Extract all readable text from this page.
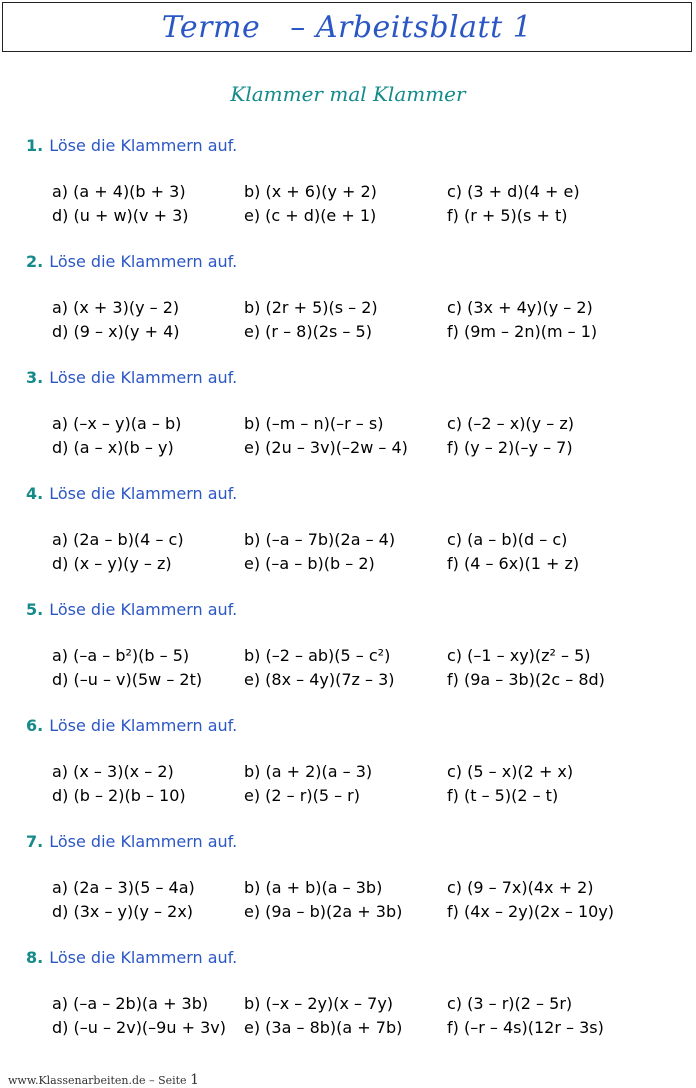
Terme   – Arbeitsblatt 1
Klammer mal Klammer
1. Löse die Klammern auf.
a) (a + 4)(b + 3)	b) (x + 6)(y + 2)	c) (3 + d)(4 + e)
d) (u + w)(v + 3)	e) (c + d)(e + 1)	f) (r + 5)(s + t)
2. Löse die Klammern auf.
a) (x + 3)(y – 2)	b) (2r + 5)(s – 2)	c) (3x + 4y)(y – 2)
d) (9 – x)(y + 4)	e) (r – 8)(2s – 5)	f) (9m – 2n)(m – 1)
3. Löse die Klammern auf.
a) (–x – y)(a – b)	b) (–m – n)(–r – s)	c) (–2 – x)(y – z)
d) (a – x)(b – y)	e) (2u – 3v)(–2w – 4) f) (y – 2)(–y – 7)
4. Löse die Klammern auf.
a) (2a – b)(4 – c)	b) (–a – 7b)(2a – 4)	c) (a – b)(d – c)
d) (x – y)(y – z)	e) (–a – b)(b – 2)	f) (4 – 6x)(1 + z)
5. Löse die Klammern auf.
a) (–a – b²)(b – 5)	b) (–2 – ab)(5 – c²)	c) (–1 – xy)(z² – 5)
d) (–u – v)(5w – 2t)	e) (8x – 4y)(7z – 3)	f) (9a – 3b)(2c – 8d)
6. Löse die Klammern auf.
a) (x – 3)(x – 2)	b) (a + 2)(a – 3)	c) (5 – x)(2 + x)
d) (b – 2)(b – 10)	e) (2 – r)(5 – r)	f) (t – 5)(2 – t)
7. Löse die Klammern auf.
a) (2a – 3)(5 – 4a)	b) (a + b)(a – 3b)	c) (9 – 7x)(4x + 2)
d) (3x – y)(y – 2x)	e) (9a – b)(2a + 3b)	f) (4x – 2y)(2x – 10y)
8. Löse die Klammern auf.
a) (–a – 2b)(a + 3b) b) (–x – 2y)(x – 7y)	c) (3 – r)(2 – 5r)
d) (–u – 2v)(–9u + 3v) e) (3a – 8b)(a + 7b)	f) (–r – 4s)(12r – 3s)
www.Klassenarbeiten.de – Seite 1
